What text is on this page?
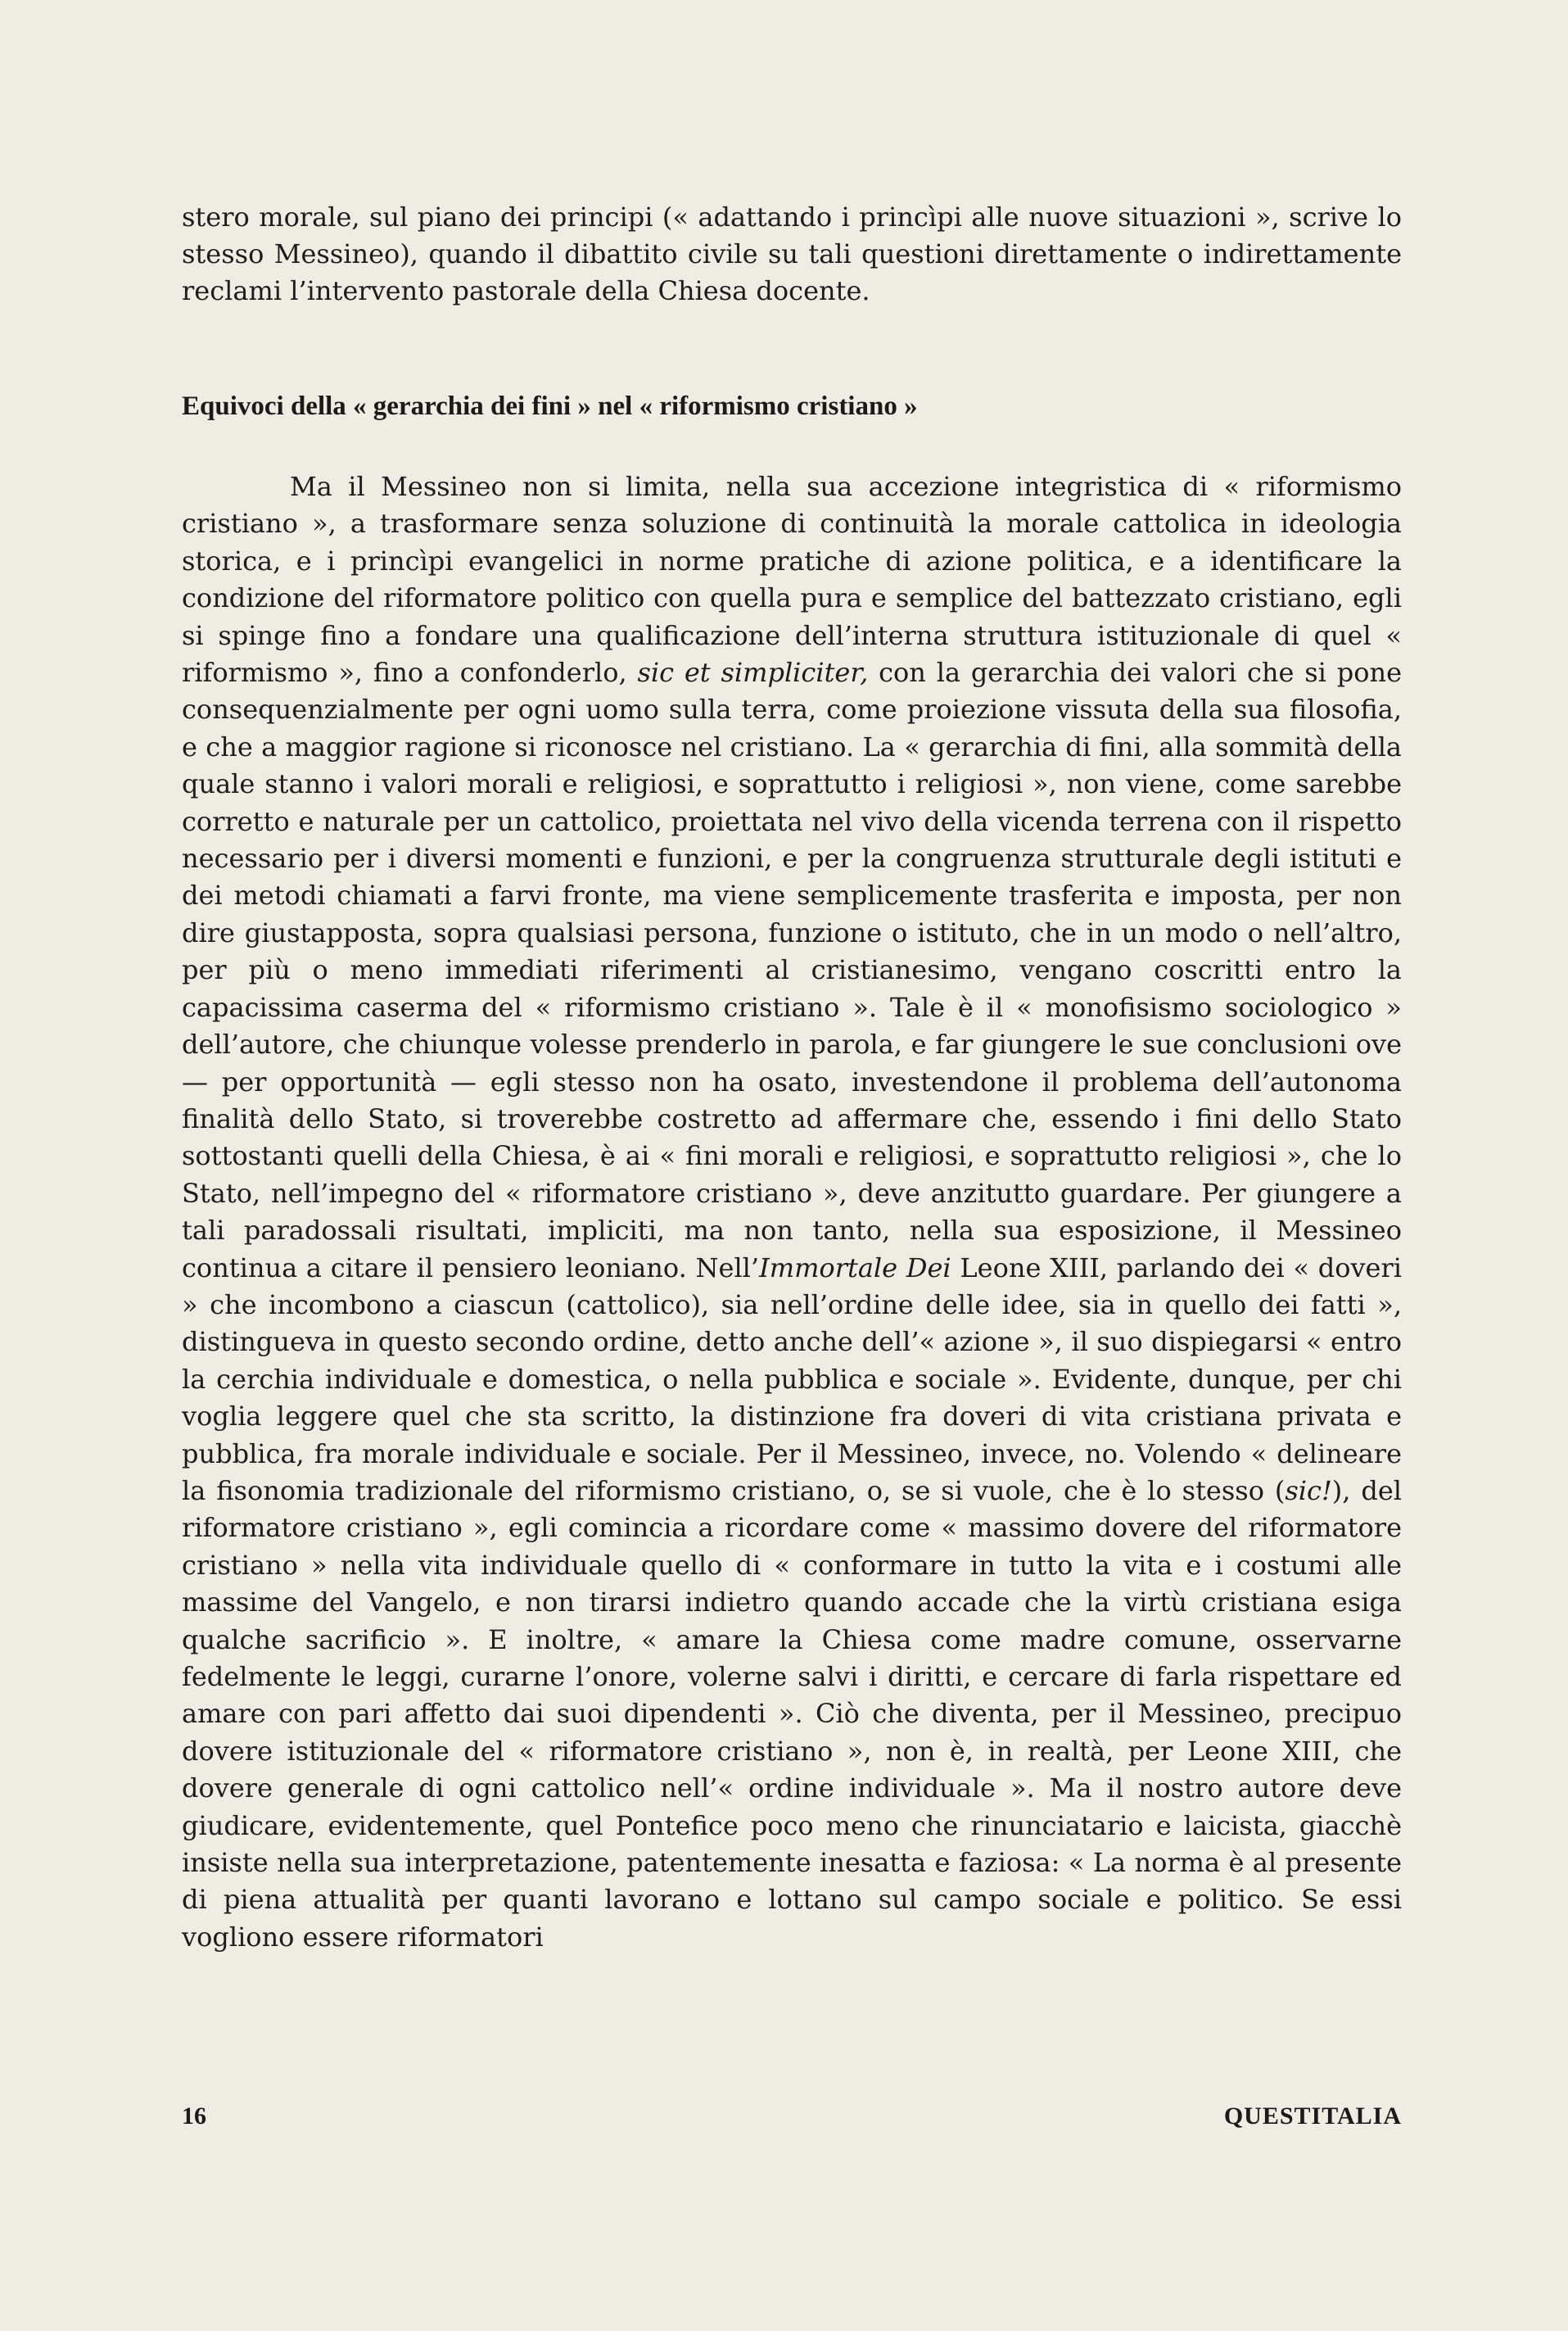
stero morale, sul piano dei principi (« adattando i princìpi alle nuove situazioni », scrive lo stesso Messineo), quando il dibattito civile su tali questioni direttamente o indirettamente reclami l’intervento pastorale della Chiesa docente.

Equivoci della « gerarchia dei fini » nel « riformismo cristiano »

Ma il Messineo non si limita, nella sua accezione integristica di « riformismo cristiano », a trasformare senza soluzione di continuità la morale cattolica in ideologia storica, e i princìpi evangelici in norme pratiche di azione politica, e a identificare la condizione del riformatore politico con quella pura e semplice del battezzato cristiano, egli si spinge fino a fondare una qualificazione dell’interna struttura istituzionale di quel « riformismo », fino a confonderlo, sic et simpliciter, con la gerarchia dei valori che si pone consequenzialmente per ogni uomo sulla terra, come proiezione vissuta della sua filosofia, e che a maggior ragione si riconosce nel cristiano. La « gerarchia di fini, alla sommità della quale stanno i valori morali e religiosi, e soprattutto i religiosi », non viene, come sarebbe corretto e naturale per un cattolico, proiettata nel vivo della vicenda terrena con il rispetto necessario per i diversi momenti e funzioni, e per la congruenza strutturale degli istituti e dei metodi chiamati a farvi fronte, ma viene semplicemente trasferita e imposta, per non dire giustapposta, sopra qualsiasi persona, funzione o istituto, che in un modo o nell’altro, per più o meno immediati riferimenti al cristianesimo, vengano coscritti entro la capacissima caserma del « riformismo cristiano ». Tale è il « monofisismo sociologico » dell’autore, che chiunque volesse prenderlo in parola, e far giungere le sue conclusioni ove — per opportunità — egli stesso non ha osato, investendone il problema dell’autonoma finalità dello Stato, si troverebbe costretto ad affermare che, essendo i fini dello Stato sottostanti quelli della Chiesa, è ai « fini morali e religiosi, e soprattutto religiosi », che lo Stato, nell’impegno del « riformatore cristiano », deve anzitutto guardare. Per giungere a tali paradossali risultati, impliciti, ma non tanto, nella sua esposizione, il Messineo continua a citare il pensiero leoniano. Nell’Immortale Dei Leone XIII, parlando dei « doveri » che incombono a ciascun (cattolico), sia nell’ordine delle idee, sia in quello dei fatti », distingueva in questo secondo ordine, detto anche dell’« azione », il suo dispiegarsi « entro la cerchia individuale e domestica, o nella pubblica e sociale ». Evidente, dunque, per chi voglia leggere quel che sta scritto, la distinzione fra doveri di vita cristiana privata e pubblica, fra morale individuale e sociale. Per il Messineo, invece, no. Volendo « delineare la fisonomia tradizionale del riformismo cristiano, o, se si vuole, che è lo stesso (sic!), del riformatore cristiano », egli comincia a ricordare come « massimo dovere del riformatore cristiano » nella vita individuale quello di « conformare in tutto la vita e i costumi alle massime del Vangelo, e non tirarsi indietro quando accade che la virtù cristiana esiga qualche sacrificio ». E inoltre, « amare la Chiesa come madre comune, osservarne fedelmente le leggi, curarne l’onore, volerne salvi i diritti, e cercare di farla rispettare ed amare con pari affetto dai suoi dipendenti ». Ciò che diventa, per il Messineo, precipuo dovere istituzionale del « riformatore cristiano », non è, in realtà, per Leone XIII, che dovere generale di ogni cattolico nell’« ordine individuale ». Ma il nostro autore deve giudicare, evidentemente, quel Pontefice poco meno che rinunciatario e laicista, giacchè insiste nella sua interpretazione, patentemente inesatta e faziosa: « La norma è al presente di piena attualità per quanti lavorano e lottano sul campo sociale e politico. Se essi vogliono essere riformatori

16	QUESTITALIA
